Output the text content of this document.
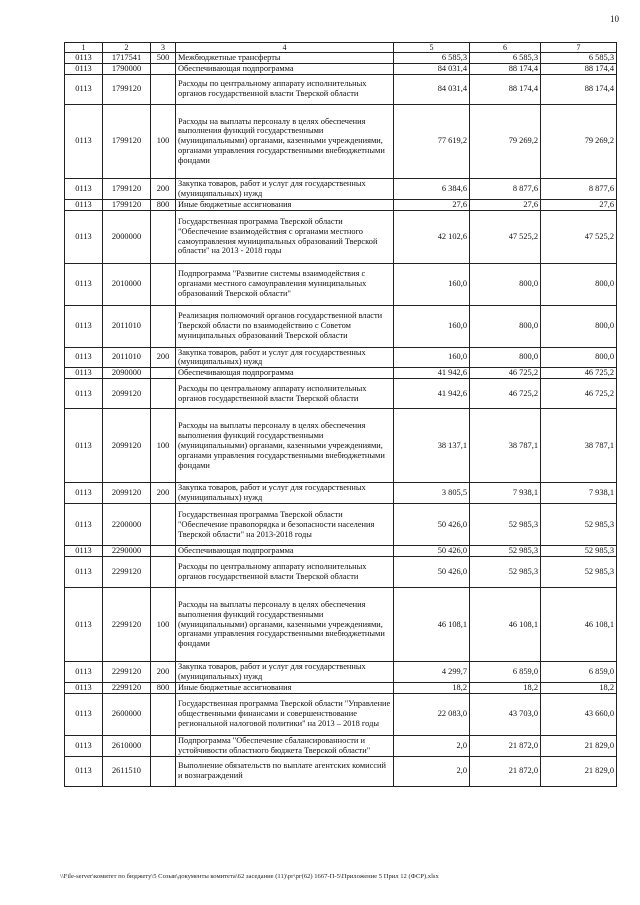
10
1	2	3	4	5	6	7
0113	1717541	500	Межбюджетные трансферты	6 585,3	6 585,3	6 585,3
0113	1790000		Обеспечивающая подпрограмма	84 031,4	88 174,4	88 174,4
0113	1799120		Расходы по центральному аппарату исполнительных органов государственной власти Тверской области	84 031,4	88 174,4	88 174,4
0113	1799120	100	Расходы на выплаты персоналу в целях обеспечения выполнения функций государственными (муниципальными) органами, казенными учреждениями, органами управления государственными внебюджетными фондами	77 619,2	79 269,2	79 269,2
0113	1799120	200	Закупка товаров, работ и услуг для государственных (муниципальных) нужд	6 384,6	8 877,6	8 877,6
0113	1799120	800	Иные бюджетные ассигнования	27,6	27,6	27,6
0113	2000000		Государственная программа Тверской области "Обеспечение взаимодействия с органами местного самоуправления муниципальных образований Тверской области" на 2013 - 2018 годы	42 102,6	47 525,2	47 525,2
0113	2010000		Подпрограмма "Развитие системы взаимодействия с органами местного самоуправления муниципальных образований Тверской области"	160,0	800,0	800,0
0113	2011010		Реализация полномочий органов государственной власти Тверской области по взаимодействию с Советом муниципальных образований Тверской области	160,0	800,0	800,0
0113	2011010	200	Закупка товаров, работ и услуг для государственных (муниципальных) нужд	160,0	800,0	800,0
0113	2090000		Обеспечивающая подпрограмма	41 942,6	46 725,2	46 725,2
0113	2099120		Расходы по центральному аппарату исполнительных органов государственной власти Тверской области	41 942,6	46 725,2	46 725,2
0113	2099120	100	Расходы на выплаты персоналу в целях обеспечения выполнения функций государственными (муниципальными) органами, казенными учреждениями, органами управления государственными внебюджетными фондами	38 137,1	38 787,1	38 787,1
0113	2099120	200	Закупка товаров, работ и услуг для государственных (муниципальных) нужд	3 805,5	7 938,1	7 938,1
0113	2200000		Государственная программа Тверской области "Обеспечение правопорядка и безопасности населения Тверской области" на 2013-2018 годы	50 426,0	52 985,3	52 985,3
0113	2290000		Обеспечивающая подпрограмма	50 426,0	52 985,3	52 985,3
0113	2299120		Расходы по центральному аппарату исполнительных органов государственной власти Тверской области	50 426,0	52 985,3	52 985,3
0113	2299120	100	Расходы на выплаты персоналу в целях обеспечения выполнения функций государственными (муниципальными) органами, казенными учреждениями, органами управления государственными внебюджетными фондами	46 108,1	46 108,1	46 108,1
0113	2299120	200	Закупка товаров, работ и услуг для государственных (муниципальных) нужд	4 299,7	6 859,0	6 859,0
0113	2299120	800	Иные бюджетные ассигнования	18,2	18,2	18,2
0113	2600000		Государственная программа Тверской области "Управление общественными финансами и совершенствование региональной налоговой политики" на 2013 – 2018 годы	22 083,0	43 703,0	43 660,0
0113	2610000		Подпрограмма "Обеспечение сбалансированности и устойчивости областного бюджета Тверской области"	2,0	21 872,0	21 829,0
0113	2611510		Выполнение обязательств по выплате агентских комиссий и вознаграждений	2,0	21 872,0	21 829,0
\\File-server\комитет по бюджету\5 Созыв\документы комитета\62 заседание (11)\рг\рг(62) 1667-П-5\Приложение 5 Прил 12 (ФСР).xlsx
